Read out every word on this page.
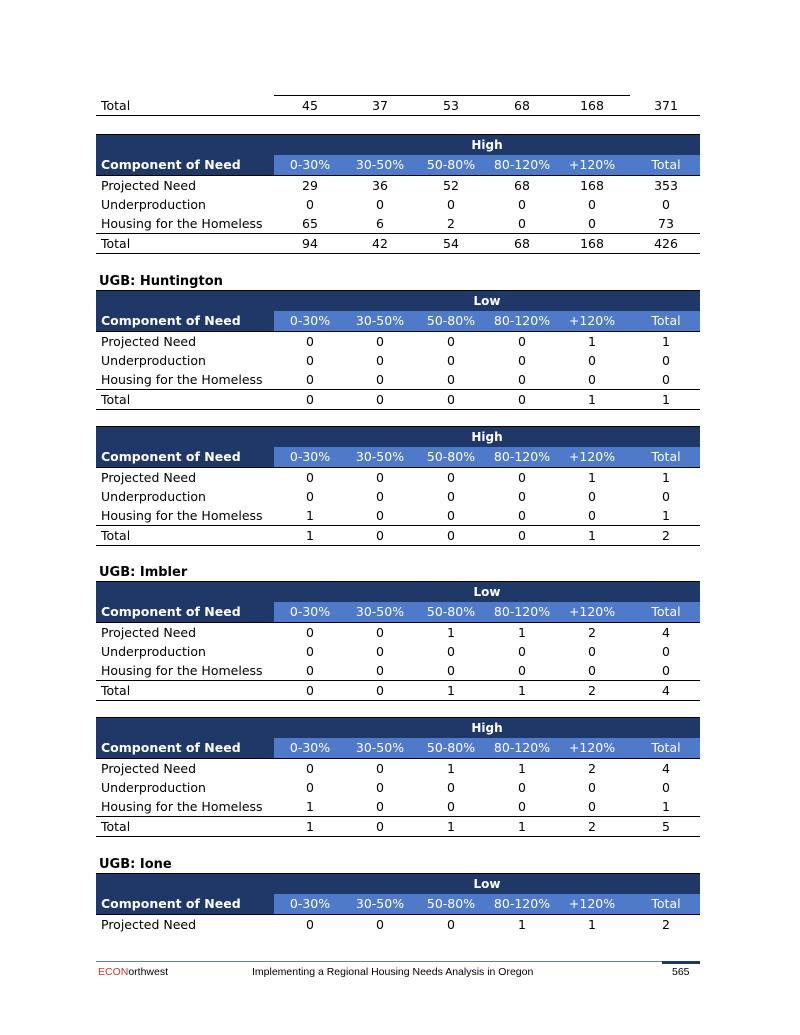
Total	45	37	53	68	168	371
High
Component of Need	0-30%	30-50%	50-80%	80-120%	+120%	Total
Projected Need	29	36	52	68	168	353
Underproduction	0	0	0	0	0	0
Housing for the Homeless	65	6	2	0	0	73
Total	94	42	54	68	168	426
UGB: Huntington
Low
Component of Need	0-30%	30-50%	50-80%	80-120%	+120%	Total
Projected Need	0	0	0	0	1	1
Underproduction	0	0	0	0	0	0
Housing for the Homeless	0	0	0	0	0	0
Total	0	0	0	0	1	1
High
Component of Need	0-30%	30-50%	50-80%	80-120%	+120%	Total
Projected Need	0	0	0	0	1	1
Underproduction	0	0	0	0	0	0
Housing for the Homeless	1	0	0	0	0	1
Total	1	0	0	0	1	2
UGB: Imbler
Low
Component of Need	0-30%	30-50%	50-80%	80-120%	+120%	Total
Projected Need	0	0	1	1	2	4
Underproduction	0	0	0	0	0	0
Housing for the Homeless	0	0	0	0	0	0
Total	0	0	1	1	2	4
High
Component of Need	0-30%	30-50%	50-80%	80-120%	+120%	Total
Projected Need	0	0	1	1	2	4
Underproduction	0	0	0	0	0	0
Housing for the Homeless	1	0	0	0	0	1
Total	1	0	1	1	2	5
UGB: Ione
Low
Component of Need	0-30%	30-50%	50-80%	80-120%	+120%	Total
Projected Need	0	0	0	1	1	2
ECONorthwest	Implementing a Regional Housing Needs Analysis in Oregon	565
